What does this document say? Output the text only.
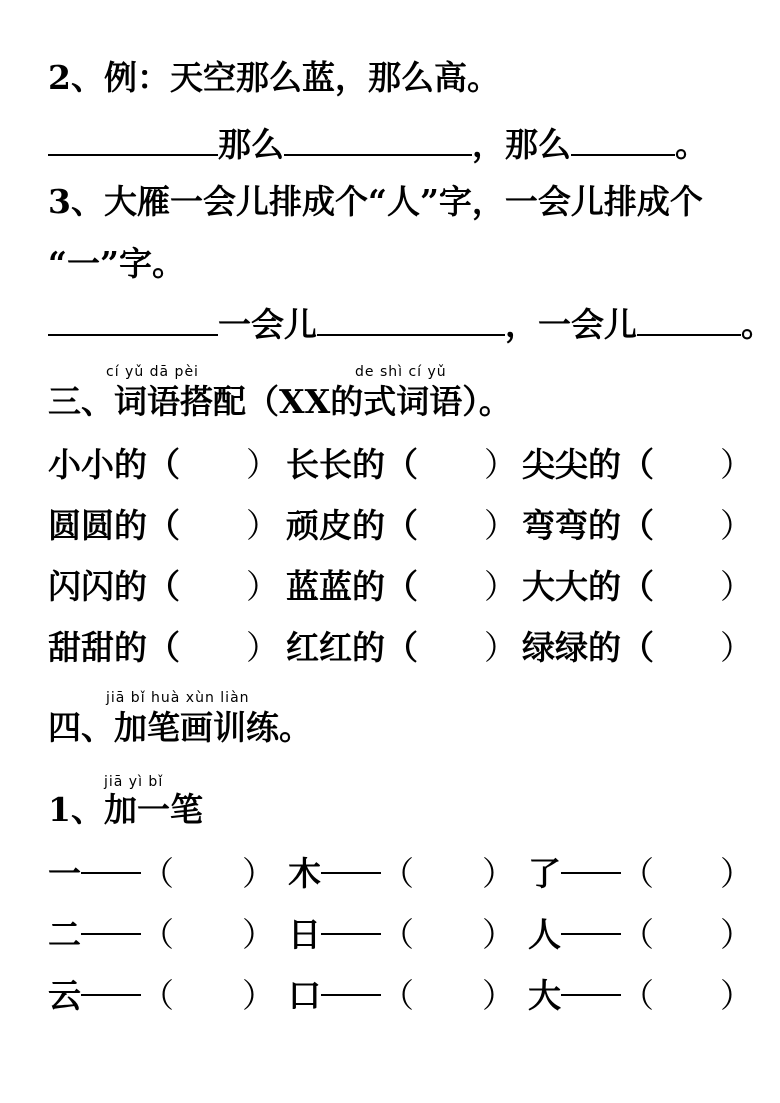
2、例：天空那么蓝，那么高。
那么	，那么	。
3、大雁一会儿排成个“人”字，一会儿排成个
“一”字。
一会儿	，一会儿	。
cí yǔ dā pèi	de shì cí yǔ
三、词语搭配（XX的式词语）。
小小的（ ） 长长的（ ） 尖尖的（ ）
圆圆的（ ） 顽皮的（ ） 弯弯的（ ）
闪闪的（ ） 蓝蓝的（ ） 大大的（ ）
甜甜的（ ） 红红的（ ） 绿绿的（ ）
jiā bǐ huà xùn liàn
四、加笔画训练。
jiā yì bǐ
1、加一笔
一 （ ） 木 （ ） 了 （ ）
二 （ ） 日 （ ） 人 （ ）
云 （ ） 口 （ ） 大 （ ）
